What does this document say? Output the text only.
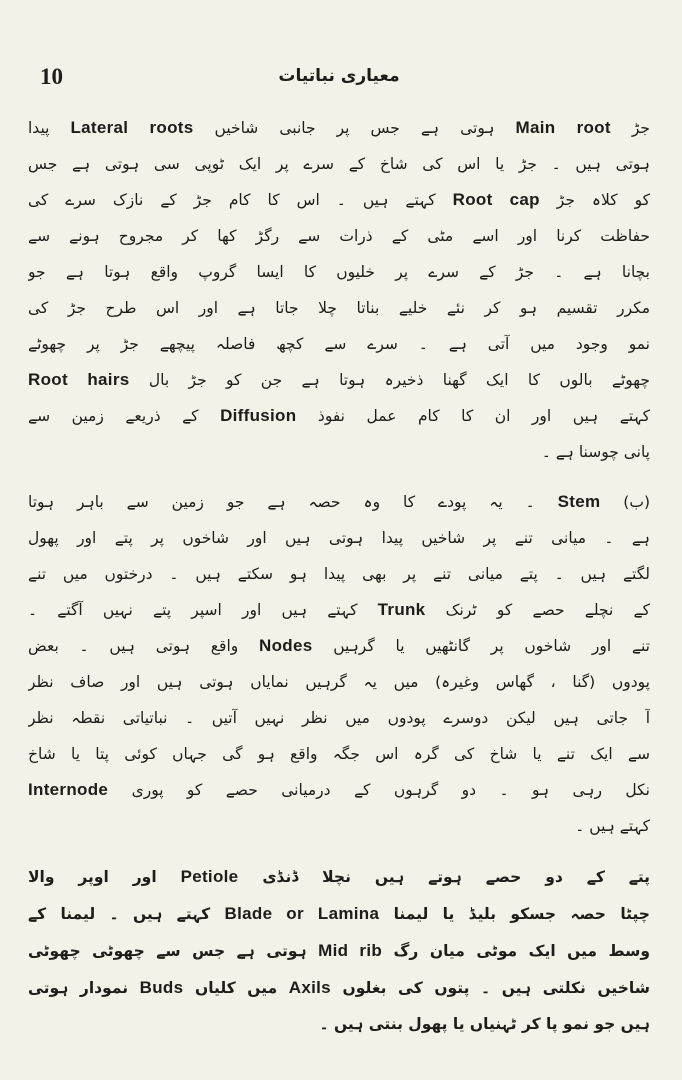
10	معیاری نباتیات
جڑ Main root ہوتی ہے جس پر جانبی شاخیں Lateral roots پیدا
ہوتی ہیں ۔ جڑ یا اس کی شاخ کے سرے پر ایک ٹوپی سی ہوتی ہے جس
کو کلاہ جڑ Root cap کہتے ہیں ۔ اس کا کام جڑ کے نازک سرے کی
حفاظت کرنا اور اسے مٹی کے ذرات سے رگڑ کھا کر مجروح ہونے سے
بچانا ہے ۔ جڑ کے سرے پر خلیوں کا ایسا گروپ واقع ہوتا ہے جو
مکرر تقسیم ہو کر نئے خلیے بناتا چلا جاتا ہے اور اس طرح جڑ کی
نمو وجود میں آتی ہے ۔ سرے سے کچھ فاصلہ پیچھے جڑ پر چھوٹے
چھوٹے بالوں کا ایک گھنا ذخیرہ ہوتا ہے جن کو جڑ بال Root hairs
کہتے ہیں اور ان کا کام عمل نفوذ Diffusion کے ذریعے زمین سے
پانی چوسنا ہے ۔
(ب) Stem ۔ یہ پودے کا وہ حصہ ہے جو زمین سے باہر ہوتا
ہے ۔ میانی تنے پر شاخیں پیدا ہوتی ہیں اور شاخوں پر پتے اور پھول
لگتے ہیں ۔ پتے میانی تنے پر بھی پیدا ہو سکتے ہیں ۔ درختوں میں تنے
کے نچلے حصے کو ٹرنک Trunk کہتے ہیں اور اسپر پتے نہیں آگتے ۔
تنے اور شاخوں پر گانٹھیں یا گرہیں Nodes واقع ہوتی ہیں ۔ بعض
پودوں (گنا ، گھاس وغیرہ) میں یہ گرہیں نمایاں ہوتی ہیں اور صاف نظر
آ جاتی ہیں لیکن دوسرے پودوں میں نظر نہیں آتیں ۔ نباتیاتی نقطہ نظر
سے ایک تنے یا شاخ کی گرہ اس جگہ واقع ہو گی جہاں کوئی پتا یا شاخ
نکل رہی ہو ۔ دو گرہوں کے درمیانی حصے کو پوری Internode
کہتے ہیں ۔
پتے کے دو حصے ہوتے ہیں نچلا ڈنڈی Petiole اور اوپر والا
چپٹا حصہ جسکو بلیڈ یا لیمنا Blade or Lamina کہتے ہیں ۔ لیمنا کے
وسط میں ایک موٹی میان رگ Mid rib ہوتی ہے جس سے چھوٹی چھوٹی
شاخیں نکلتی ہیں ۔ پتوں کی بغلوں Axils میں کلیاں Buds نمودار ہوتی
ہیں جو نمو پا کر ٹہنیاں یا پھول بنتی ہیں ۔
